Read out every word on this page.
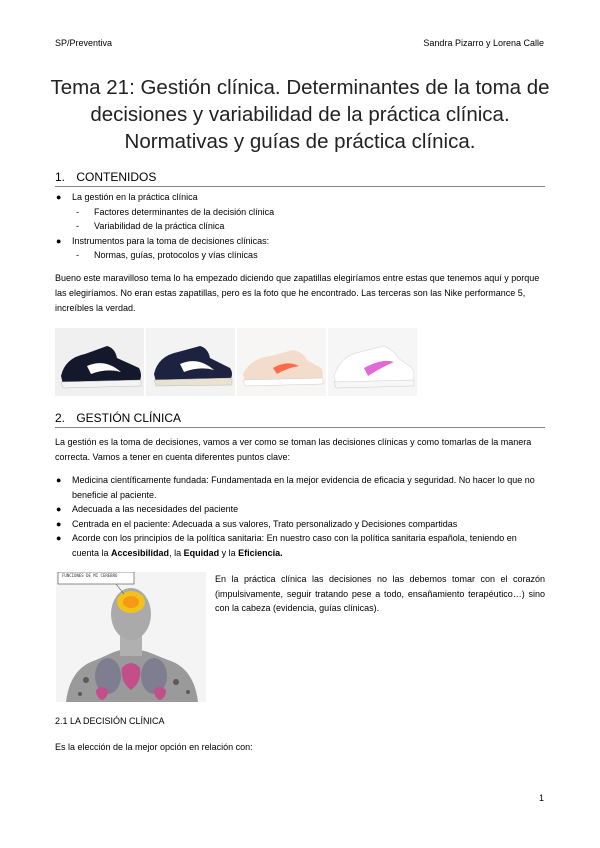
SP/Preventiva	Sandra Pizarro y Lorena Calle
Tema 21: Gestión clínica. Determinantes de la toma de
decisiones y variabilidad de la práctica clínica.
Normativas y guías de práctica clínica.
1. CONTENIDOS
● La gestión en la práctica clínica
- Factores determinantes de la decisión clínica
- Variabilidad de la práctica clínica
● Instrumentos para la toma de decisiones clínicas:
- Normas, guías, protocolos y vías clínicas
Bueno este maravilloso tema lo ha empezado diciendo que zapatillas elegiríamos entre estas que tenemos aquí y porque las elegiríamos. No eran estas zapatillas, pero es la foto que he encontrado. Las terceras son las Nike performance 5, increíbles la verdad.
2. GESTIÓN CLÍNICA
La gestión es la toma de decisiones, vamos a ver como se toman las decisiones clínicas y como tomarlas de la manera correcta. Vamos a tener en cuenta diferentes puntos clave:
● Medicina científicamente fundada: Fundamentada en la mejor evidencia de eficacia y seguridad. No hacer lo que no beneficie al paciente.
● Adecuada a las necesidades del paciente
● Centrada en el paciente: Adecuada a sus valores, Trato personalizado y Decisiones compartidas
● Acorde con los principios de la política sanitaria: En nuestro caso con la política sanitaria española, teniendo en cuenta la Accesibilidad, la Equidad y la Eficiencia.
FUNCIONES DE MI CEREBRO	En la práctica clínica las decisiones no las debemos tomar con el corazón (impulsivamente, seguir tratando pese a todo, ensañamiento terapéutico…) sino con la cabeza (evidencia, guías clínicas).
2.1 LA DECISIÓN CLÍNICA
Es la elección de la mejor opción en relación con:
1
